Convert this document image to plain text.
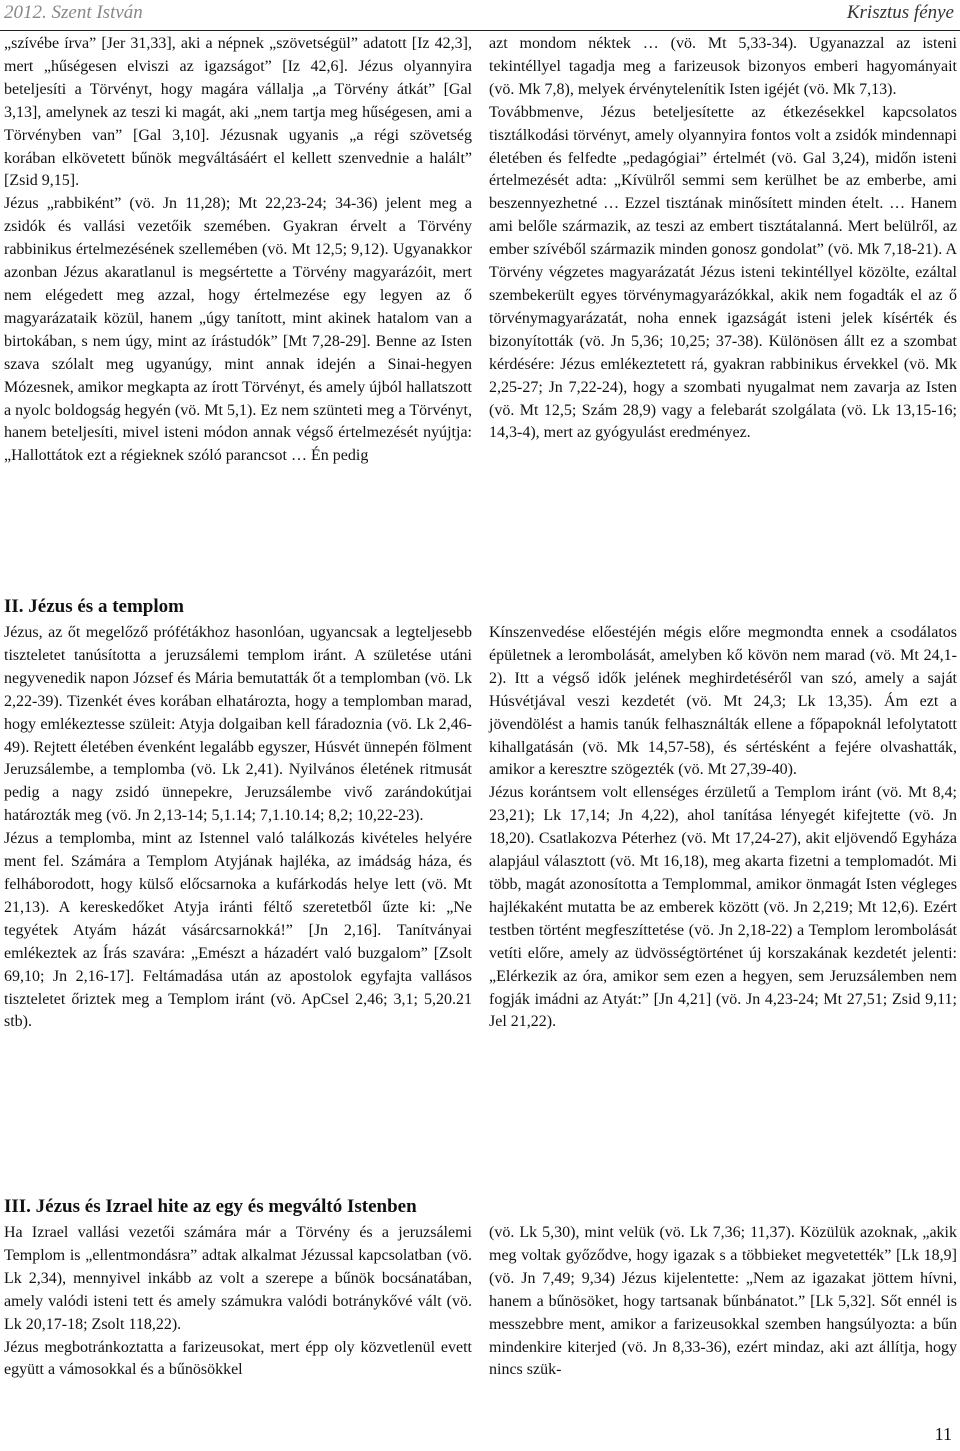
2012. Szent István	Krisztus fénye

„szívébe írva” [Jer 31,33], aki a népnek „szövetségül” adatott [Iz 42,3], mert „hűségesen elviszi az igazságot” [Iz 42,6]. Jézus olyannyira beteljesíti a Törvényt, hogy magára vállalja „a Törvény átkát” [Gal 3,13], amelynek az teszi ki magát, aki „nem tartja meg hűségesen, ami a Törvényben van” [Gal 3,10]. Jézusnak ugyanis „a régi szövetség korában elkövetett bűnök megváltásáért el kellett szenvednie a halált” [Zsid 9,15].

Jézus „rabbiként” (vö. Jn 11,28); Mt 22,23-24; 34-36) jelent meg a zsidók és vallási vezetőik szemében. Gyakran érvelt a Törvény rabbinikus értelmezésének szellemében (vö. Mt 12,5; 9,12). Ugyanakkor azonban Jézus akaratlanul is megsértette a Törvény magyarázóit, mert nem elégedett meg azzal, hogy értelmezése egy legyen az ő magyarázataik közül, hanem „úgy tanított, mint akinek hatalom van a birtokában, s nem úgy, mint az írástudók” [Mt 7,28-29]. Benne az Isten szava szólalt meg ugyanúgy, mint annak idején a Sinai-hegyen Mózesnek, amikor megkapta az írott Törvényt, és amely újból hallatszott a nyolc boldogság hegyén (vö. Mt 5,1). Ez nem szünteti meg a Törvényt, hanem beteljesíti, mivel isteni módon annak végső értelmezését nyújtja: „Hallottátok ezt a régieknek szóló parancsot … Én pedig

azt mondom néktek … (vö. Mt 5,33-34). Ugyanazzal az isteni tekintéllyel tagadja meg a farizeusok bizonyos emberi hagyományait (vö. Mk 7,8), melyek érvénytelenítik Isten igéjét (vö. Mk 7,13).

Továbbmenve, Jézus beteljesítette az étkezésekkel kapcsolatos tisztálkodási törvényt, amely olyannyira fontos volt a zsidók mindennapi életében és felfedte „pedagógiai” értelmét (vö. Gal 3,24), midőn isteni értelmezését adta: „Kívülről semmi sem kerülhet be az emberbe, ami beszennyezhetné … Ezzel tisztának minősített minden ételt. … Hanem ami belőle származik, az teszi az embert tisztátalanná. Mert belülről, az ember szívéből származik minden gonosz gondolat” (vö. Mk 7,18-21). A Törvény végzetes magyarázatát Jézus isteni tekintéllyel közölte, ezáltal szembekerült egyes törvénymagyarázókkal, akik nem fogadták el az ő törvénymagyarázatát, noha ennek igazságát isteni jelek kísérték és bizonyították (vö. Jn 5,36; 10,25; 37-38). Különösen állt ez a szombat kérdésére: Jézus emlékeztetett rá, gyakran rabbinikus érvekkel (vö. Mk 2,25-27; Jn 7,22-24), hogy a szombati nyugalmat nem zavarja az Isten (vö. Mt 12,5; Szám 28,9) vagy a felebarát szolgálata (vö. Lk 13,15-16; 14,3-4), mert az gyógyulást eredményez.

II. Jézus és a templom

Jézus, az őt megelőző prófétákhoz hasonlóan, ugyancsak a legteljesebb tiszteletet tanúsította a jeruzsálemi templom iránt. A születése utáni negyvenedik napon József és Mária bemutatták őt a templomban (vö. Lk 2,22-39). Tizenkét éves korában elhatározta, hogy a templomban marad, hogy emlékeztesse szüleit: Atyja dolgaiban kell fáradoznia (vö. Lk 2,46-49). Rejtett életében évenként legalább egyszer, Húsvét ünnepén fölment Jeruzsálembe, a templomba (vö. Lk 2,41). Nyilvános életének ritmusát pedig a nagy zsidó ünnepekre, Jeruzsálembe vivő zarándokútjai határozták meg (vö. Jn 2,13-14; 5,1.14; 7,1.10.14; 8,2; 10,22-23).

Jézus a templomba, mint az Istennel való találkozás kivételes helyére ment fel. Számára a Templom Atyjának hajléka, az imádság háza, és felháborodott, hogy külső előcsarnoka a kufárkodás helye lett (vö. Mt 21,13). A kereskedőket Atyja iránti féltő szeretetből űzte ki: „Ne tegyétek Atyám házát vásárcsarnokká!” [Jn 2,16]. Tanítványai emlékeztek az Írás szavára: „Emészt a házadért való buzgalom” [Zsolt 69,10; Jn 2,16-17]. Feltámadása után az apostolok egyfajta vallásos tiszteletet őriztek meg a Templom iránt (vö. ApCsel 2,46; 3,1; 5,20.21 stb).

Kínszenvedése előestéjén mégis előre megmondta ennek a csodálatos épületnek a lerombolását, amelyben kő kövön nem marad (vö. Mt 24,1-2). Itt a végső idők jelének meghirdetéséről van szó, amely a saját Húsvétjával veszi kezdetét (vö. Mt 24,3; Lk 13,35). Ám ezt a jövendölést a hamis tanúk felhasználták ellene a főpapoknál lefolytatott kihallgatásán (vö. Mk 14,57-58), és sértésként a fejére olvashatták, amikor a keresztre szögezték (vö. Mt 27,39-40).

Jézus korántsem volt ellenséges érzületű a Templom iránt (vö. Mt 8,4; 23,21); Lk 17,14; Jn 4,22), ahol tanítása lényegét kifejtette (vö. Jn 18,20). Csatlakozva Péterhez (vö. Mt 17,24-27), akit eljövendő Egyháza alapjául választott (vö. Mt 16,18), meg akarta fizetni a templomadót. Mi több, magát azonosította a Templommal, amikor önmagát Isten végleges hajlékaként mutatta be az emberek között (vö. Jn 2,219; Mt 12,6). Ezért testben történt megfeszíttetése (vö. Jn 2,18-22) a Templom lerombolását vetíti előre, amely az üdvösségtörténet új korszakának kezdetét jelenti: „Elérkezik az óra, amikor sem ezen a hegyen, sem Jeruzsálemben nem fogják imádni az Atyát:” [Jn 4,21] (vö. Jn 4,23-24; Mt 27,51; Zsid 9,11; Jel 21,22).

III. Jézus és Izrael hite az egy és megváltó Istenben

Ha Izrael vallási vezetői számára már a Törvény és a jeruzsálemi Templom is „ellentmondásra” adtak alkalmat Jézussal kapcsolatban (vö. Lk 2,34), mennyivel inkább az volt a szerepe a bűnök bocsánatában, amely valódi isteni tett és amely számukra valódi botránykővé vált (vö. Lk 20,17-18; Zsolt 118,22).

Jézus megbotránkoztatta a farizeusokat, mert épp oly közvetlenül evett együtt a vámosokkal és a bűnösökkel

(vö. Lk 5,30), mint velük (vö. Lk 7,36; 11,37). Közülük azoknak, „akik meg voltak győződve, hogy igazak s a többieket megvetették” [Lk 18,9] (vö. Jn 7,49; 9,34) Jézus kijelentette: „Nem az igazakat jöttem hívni, hanem a bűnösöket, hogy tartsanak bűnbánatot.” [Lk 5,32]. Sőt ennél is messzebbre ment, amikor a farizeusokkal szemben hangsúlyozta: a bűn mindenkire kiterjed (vö. Jn 8,33-36), ezért mindaz, aki azt állítja, hogy nincs szük-

11
